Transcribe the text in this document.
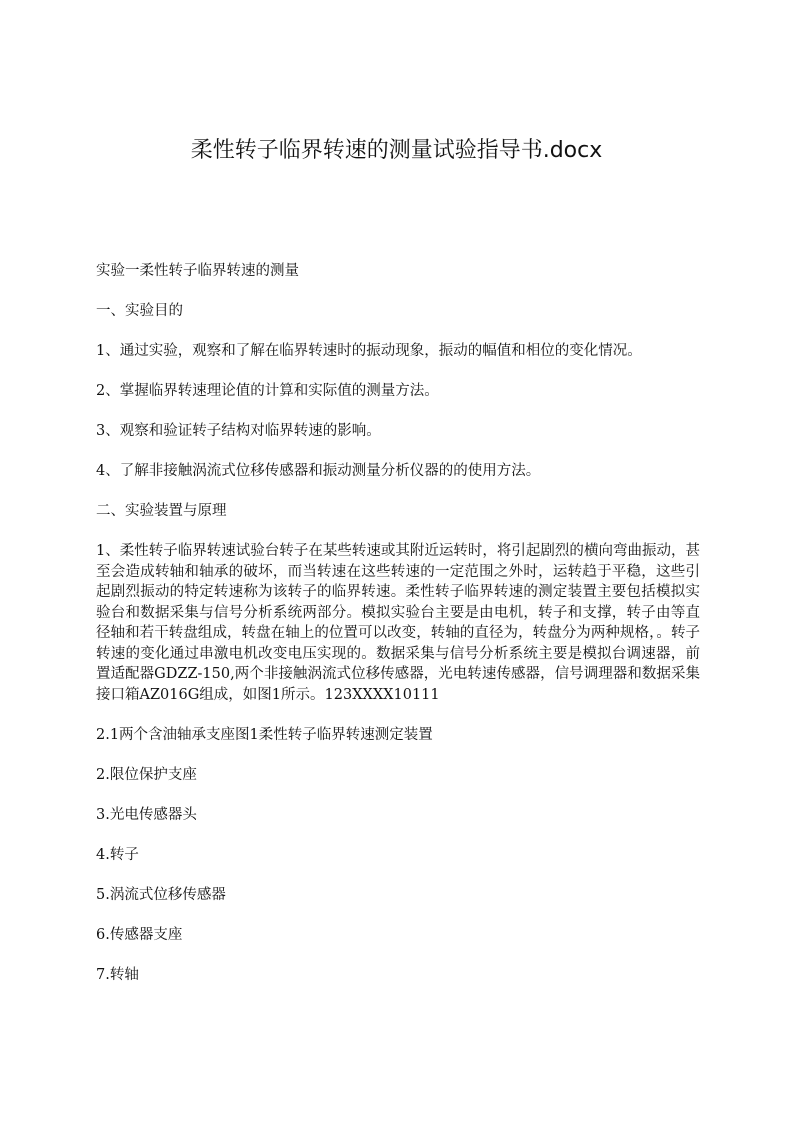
柔性转子临界转速的测量试验指导书.docx

实验一柔性转子临界转速的测量

一、实验目的

1、通过实验，观察和了解在临界转速时的振动现象，振动的幅值和相位的变化情况。

2、掌握临界转速理论值的计算和实际值的测量方法。

3、观察和验证转子结构对临界转速的影响。

4、了解非接触涡流式位移传感器和振动测量分析仪器的的使用方法。

二、实验装置与原理

1、柔性转子临界转速试验台转子在某些转速或其附近运转时，将引起剧烈的横向弯曲振动，甚至会造成转轴和轴承的破坏，而当转速在这些转速的一定范围之外时，运转趋于平稳，这些引起剧烈振动的特定转速称为该转子的临界转速。柔性转子临界转速的测定装置主要包括模拟实验台和数据采集与信号分析系统两部分。模拟实验台主要是由电机，转子和支撑，转子由等直径轴和若干转盘组成，转盘在轴上的位置可以改变，转轴的直径为，转盘分为两种规格，。转子转速的变化通过串激电机改变电压实现的。数据采集与信号分析系统主要是模拟台调速器，前置适配器GDZZ-150,两个非接触涡流式位移传感器，光电转速传感器，信号调理器和数据采集接口箱AZ016G组成，如图1所示。123XXXX10111

2.1两个含油轴承支座图1柔性转子临界转速测定装置

2.限位保护支座

3.光电传感器头

4.转子

5.涡流式位移传感器

6.传感器支座

7.转轴
